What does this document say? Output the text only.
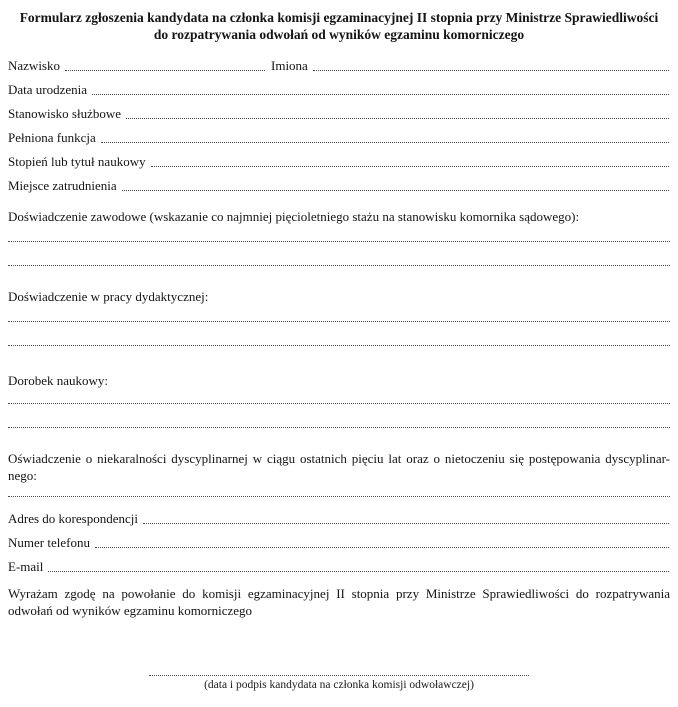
Formularz zgłoszenia kandydata na członka komisji egzaminacyjnej II stopnia przy Ministrze Sprawiedliwości
do rozpatrywania odwołań od wyników egzaminu komorniczego
Nazwisko	Imiona
Data urodzenia
Stanowisko służbowe
Pełniona funkcja
Stopień lub tytuł naukowy
Miejsce zatrudnienia
Doświadczenie zawodowe (wskazanie co najmniej pięcioletniego stażu na stanowisku komornika sądowego):
Doświadczenie w pracy dydaktycznej:
Dorobek naukowy:
Oświadczenie o niekaralności dyscyplinarnej w ciągu ostatnich pięciu lat oraz o nietoczeniu się postępowania dyscyplinar-
nego:
Adres do korespondencji
Numer telefonu
E-mail
Wyrażam zgodę na powołanie do komisji egzaminacyjnej II stopnia przy Ministrze Sprawiedliwości do rozpatrywania odwołań od wyników egzaminu komorniczego
(data i podpis kandydata na członka komisji odwoławczej)
